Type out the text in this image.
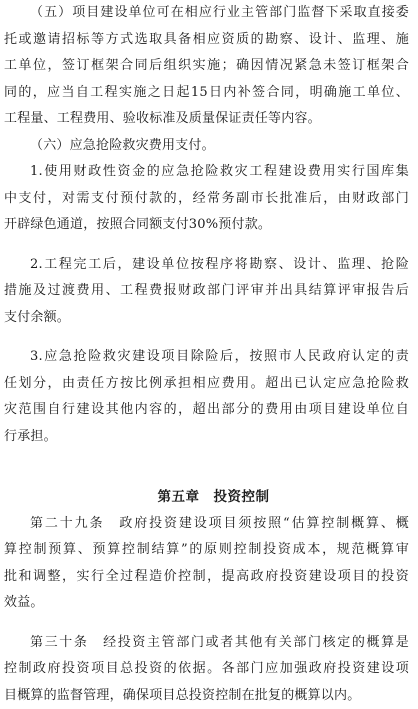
（五）项目建设单位可在相应行业主管部门监督下采取直接委

托或邀请招标等方式选取具备相应资质的勘察、设计、监理、施

工单位，签订框架合同后组织实施；确因情况紧急未签订框架合

同的，应当自工程实施之日起15日内补签合同，明确施工单位、

工程量、工程费用、验收标准及质量保证责任等内容。

（六）应急抢险救灾费用支付。

1.使用财政性资金的应急抢险救灾工程建设费用实行国库集

中支付，对需支付预付款的，经常务副市长批准后，由财政部门

开辟绿色通道，按照合同额支付30%预付款。

2.工程完工后，建设单位按程序将勘察、设计、监理、抢险

措施及过渡费用、工程费报财政部门评审并出具结算评审报告后

支付余额。

3.应急抢险救灾建设项目除险后，按照市人民政府认定的责

任划分，由责任方按比例承担相应费用。超出已认定应急抢险救

灾范围自行建设其他内容的，超出部分的费用由项目建设单位自

行承担。

第五章　投资控制

第二十九条　政府投资建设项目须按照“估算控制概算、概

算控制预算、预算控制结算”的原则控制投资成本，规范概算审

批和调整，实行全过程造价控制，提高政府投资建设项目的投资

效益。

第三十条　经投资主管部门或者其他有关部门核定的概算是

控制政府投资项目总投资的依据。各部门应加强政府投资建设项

目概算的监督管理，确保项目总投资控制在批复的概算以内。
